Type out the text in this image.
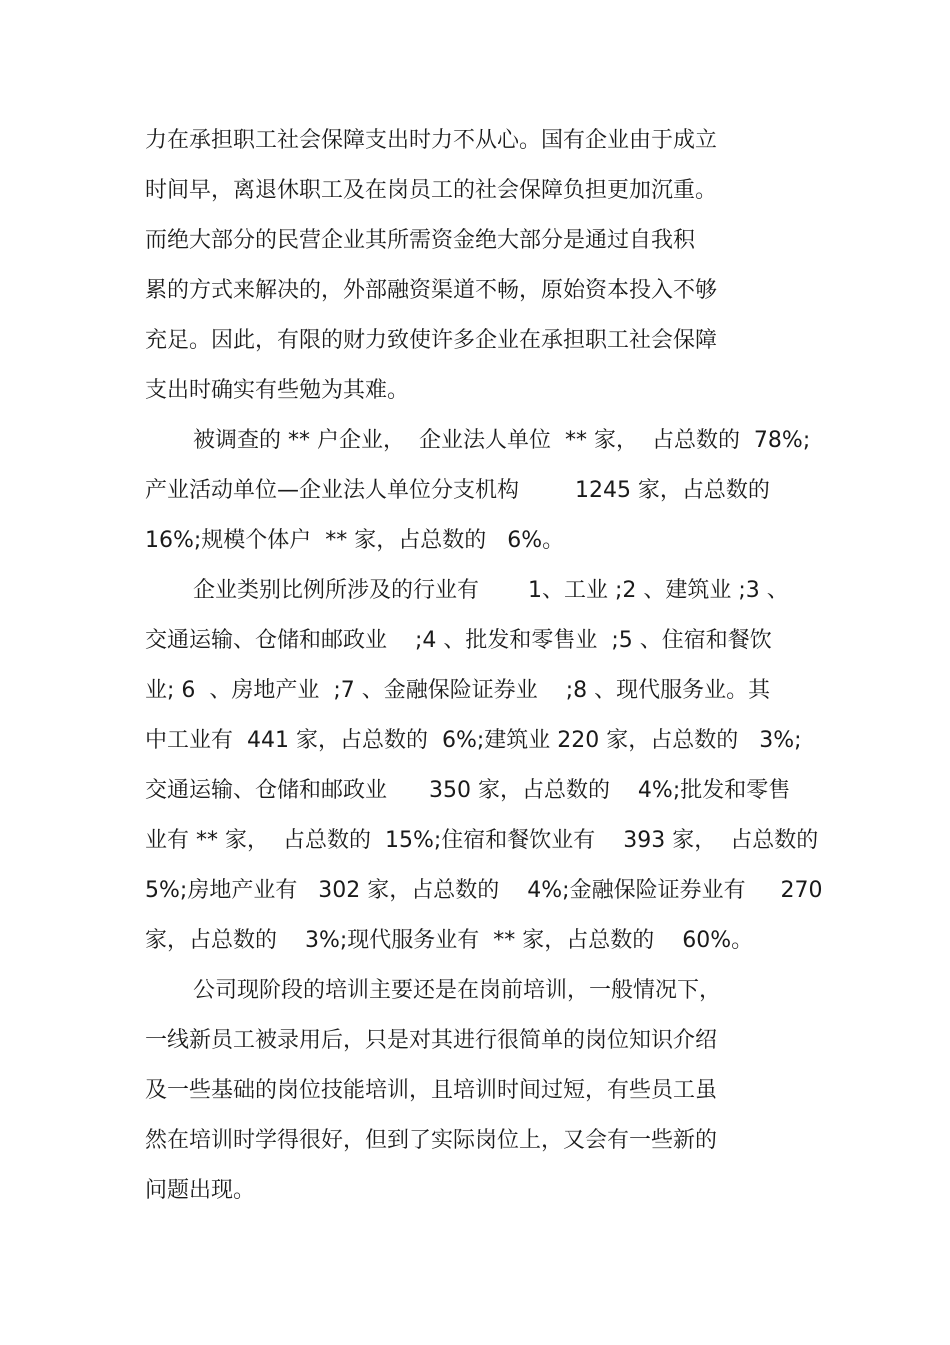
力在承担职工社会保障支出时力不从心。国有企业由于成立

时间早，离退休职工及在岗员工的社会保障负担更加沉重。

而绝大部分的民营企业其所需资金绝大部分是通过自我积

累的方式来解决的，外部融资渠道不畅，原始资本投入不够

充足。因此，有限的财力致使许多企业在承担职工社会保障

支出时确实有些勉为其难。

被调查的 ** 户企业，  企业法人单位  ** 家，  占总数的  78%;

产业活动单位—企业法人单位分支机构        1245 家，占总数的

16%;规模个体户  ** 家，占总数的   6%。

企业类别比例所涉及的行业有       1、工业 ;2 、建筑业 ;3 、

交通运输、仓储和邮政业    ;4 、批发和零售业  ;5 、住宿和餐饮

业; 6  、房地产业  ;7 、金融保险证券业    ;8 、现代服务业。其

中工业有  441 家，占总数的  6%;建筑业 220 家，占总数的   3%;

交通运输、仓储和邮政业      350 家，占总数的    4%;批发和零售

业有 ** 家，  占总数的  15%;住宿和餐饮业有    393 家，  占总数的

5%;房地产业有   302 家，占总数的    4%;金融保险证券业有     270

家，占总数的    3%;现代服务业有  ** 家，占总数的    60%。

公司现阶段的培训主要还是在岗前培训，一般情况下，

一线新员工被录用后，只是对其进行很简单的岗位知识介绍

及一些基础的岗位技能培训，且培训时间过短，有些员工虽

然在培训时学得很好，但到了实际岗位上，又会有一些新的

问题出现。
